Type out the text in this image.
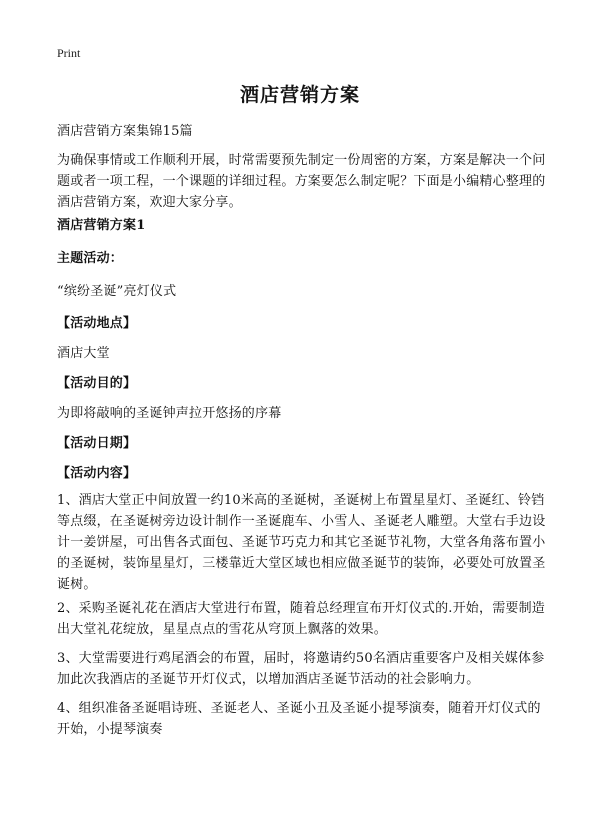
Print
酒店营销方案

酒店营销方案集锦15篇

为确保事情或工作顺利开展，时常需要预先制定一份周密的方案，方案是解决一个问题或者一项工程，一个课题的详细过程。方案要怎么制定呢？下面是小编精心整理的酒店营销方案，欢迎大家分享。

酒店营销方案1

主题活动：

“缤纷圣诞”亮灯仪式

【活动地点】

酒店大堂

【活动目的】

为即将敲响的圣诞钟声拉开悠扬的序幕

【活动日期】

【活动内容】

1、酒店大堂正中间放置一约10米高的圣诞树，圣诞树上布置星星灯、圣诞红、铃铛等点缀，在圣诞树旁边设计制作一圣诞鹿车、小雪人、圣诞老人雕塑。大堂右手边设计一姜饼屋，可出售各式面包、圣诞节巧克力和其它圣诞节礼物，大堂各角落布置小的圣诞树，装饰星星灯，三楼靠近大堂区域也相应做圣诞节的装饰，必要处可放置圣诞树。

2、采购圣诞礼花在酒店大堂进行布置，随着总经理宣布开灯仪式的.开始，需要制造出大堂礼花绽放，星星点点的雪花从穹顶上飘落的效果。

3、大堂需要进行鸡尾酒会的布置，届时，将邀请约50名酒店重要客户及相关媒体参加此次我酒店的圣诞节开灯仪式，以增加酒店圣诞节活动的社会影响力。

4、组织准备圣诞唱诗班、圣诞老人、圣诞小丑及圣诞小提琴演奏，随着开灯仪式的开始，小提琴演奏
